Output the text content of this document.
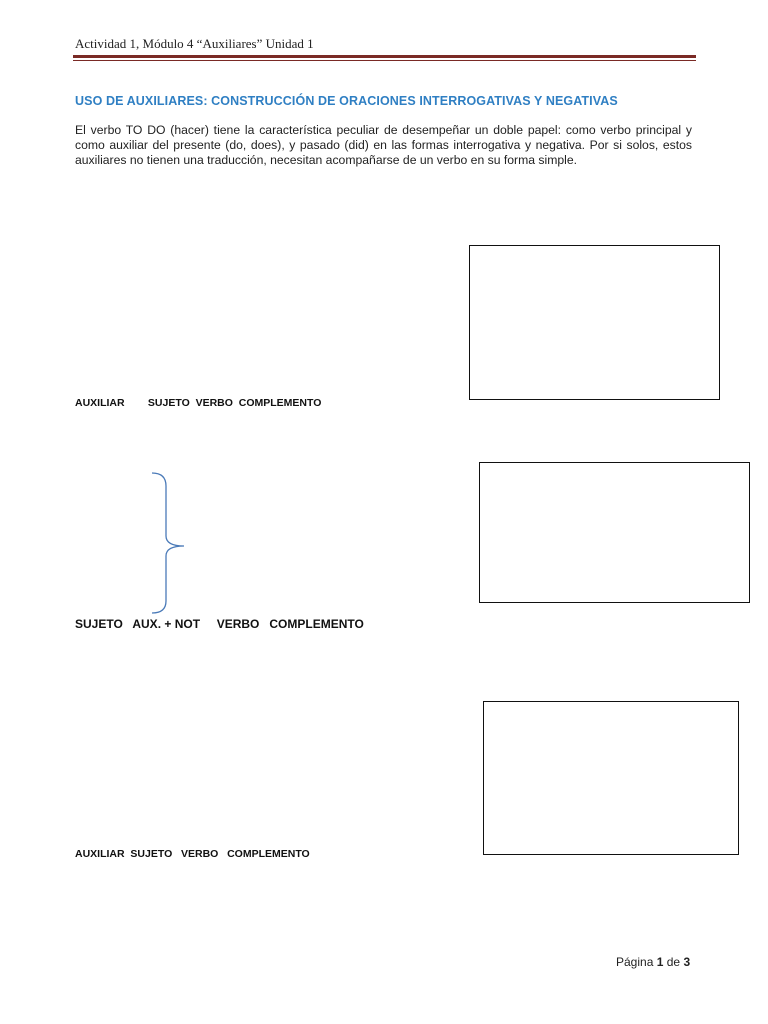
Actividad 1, Módulo 4 “Auxiliares” Unidad 1
USO DE AUXILIARES: CONSTRUCCIÓN DE ORACIONES INTERROGATIVAS Y NEGATIVAS

El verbo TO DO (hacer) tiene la característica peculiar de desempeñar un doble papel: como verbo principal y como auxiliar del presente (do, does), y pasado (did) en las formas interrogativa y negativa. Por si solos, estos auxiliares no tienen una traducción, necesitan acompañarse de un verbo en su forma simple.

AUXILIAR        SUJETO  VERBO  COMPLEMENTO
SUJETO   AUX. + NOT     VERBO   COMPLEMENTO
AUXILIAR  SUJETO   VERBO   COMPLEMENTO
Página 1 de 3
